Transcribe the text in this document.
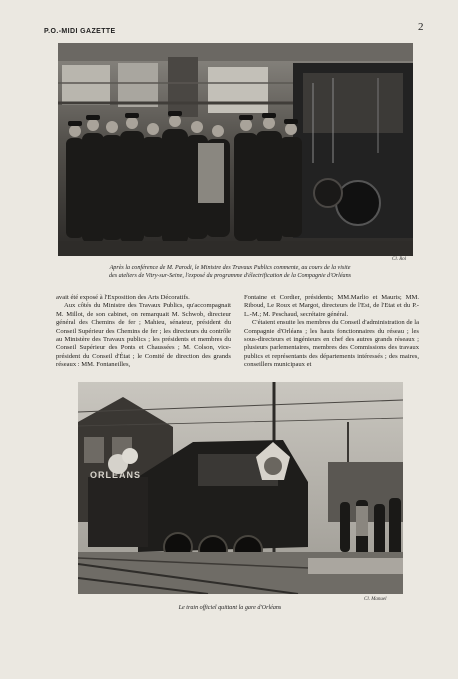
P.O.-MIDI GAZETTE	2
Cl. Rol
Après la conférence de M. Parodi, le Ministre des Travaux Publics commente, au cours de la visite
des ateliers de Vitry-sur-Seine, l'exposé du programme d'électrification de la Compagnie d'Orléans

avait été exposé à l'Exposition des Arts Décoratifs.

Aux côtés du Ministre des Travaux Publics, qu'accompagnait M. Millot, de son cabinet, on remarquait M. Schwob, directeur général des Chemins de fer ; Mahieu, sénateur, président du Conseil Supérieur des Chemins de fer ; les directeurs du contrôle au Ministère des Travaux publics ; les présidents et membres du Conseil Supérieur des Ponts et Chaussées ; M. Colson, vice-président du Conseil d'État ; le Comité de direction des grands réseaux : MM. Fontaneilles,

Fontaine et Cordier, présidents; MM.Marlio et Mauris; MM. Riboud, Le Roux et Margot, directeurs de l'Est, de l'Etat et du P.-L.-M.; M. Peschaud, secrétaire général.

C'étaient ensuite les membres du Conseil d'administration de la Compagnie d'Orléans ; les hauts fonctionnaires du réseau ; les sous-directeurs et ingénieurs en chef des autres grands réseaux ; plusieurs parlementaires, membres des Commissions des travaux publics et représentants des départements intéressés ; des maires, conseillers municipaux et

ORLÉANS
Cl. Manuel
Le train officiel quittant la gare d'Orléans
